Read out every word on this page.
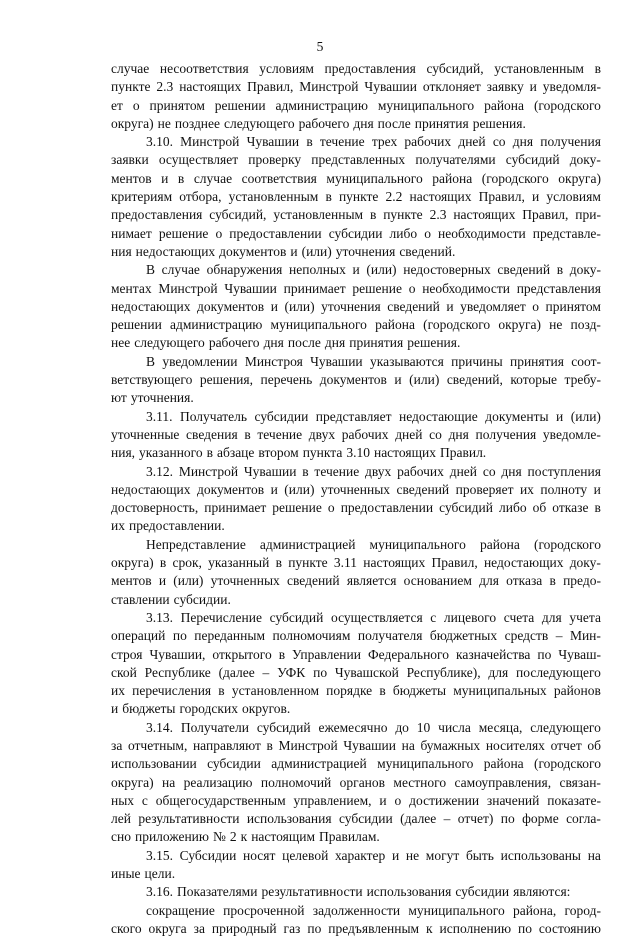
5
случае несоответствия условиям предоставления субсидий, установленным в
пункте 2.3 настоящих Правил, Минстрой Чувашии отклоняет заявку и уведомля-
ет о принятом решении администрацию муниципального района (городского
округа) не позднее следующего рабочего дня после принятия решения.
3.10. Минстрой Чувашии в течение трех рабочих дней со дня получения
заявки осуществляет проверку представленных получателями субсидий доку-
ментов и в случае соответствия муниципального района (городского округа)
критериям отбора, установленным в пункте 2.2 настоящих Правил, и условиям
предоставления субсидий, установленным в пункте 2.3 настоящих Правил, при-
нимает решение о предоставлении субсидии либо о необходимости представле-
ния недостающих документов и (или) уточнения сведений.
В случае обнаружения неполных и (или) недостоверных сведений в доку-
ментах Минстрой Чувашии принимает решение о необходимости представления
недостающих документов и (или) уточнения сведений и уведомляет о принятом
решении администрацию муниципального района (городского округа) не позд-
нее следующего рабочего дня после дня принятия решения.
В уведомлении Минстроя Чувашии указываются причины принятия соот-
ветствующего решения, перечень документов и (или) сведений, которые требу-
ют уточнения.
3.11. Получатель субсидии представляет недостающие документы и (или)
уточненные сведения в течение двух рабочих дней со дня получения уведомле-
ния, указанного в абзаце втором пункта 3.10 настоящих Правил.
3.12. Минстрой Чувашии в течение двух рабочих дней со дня поступления
недостающих документов и (или) уточненных сведений проверяет их полноту и
достоверность, принимает решение о предоставлении субсидий либо об отказе в
их предоставлении.
Непредставление администрацией муниципального района (городского
округа) в срок, указанный в пункте 3.11 настоящих Правил, недостающих доку-
ментов и (или) уточненных сведений является основанием для отказа в предо-
ставлении субсидии.
3.13. Перечисление субсидий осуществляется с лицевого счета для учета
операций по переданным полномочиям получателя бюджетных средств – Мин-
строя Чувашии, открытого в Управлении Федерального казначейства по Чуваш-
ской Республике (далее – УФК по Чувашской Республике), для последующего
их перечисления в установленном порядке в бюджеты муниципальных районов
и бюджеты городских округов.
3.14. Получатели субсидий ежемесячно до 10 числа месяца, следующего
за отчетным, направляют в Минстрой Чувашии на бумажных носителях отчет об
использовании субсидии администрацией муниципального района (городского
округа) на реализацию полномочий органов местного самоуправления, связан-
ных с общегосударственным управлением, и о достижении значений показате-
лей результативности использования субсидии (далее – отчет) по форме согла-
сно приложению № 2 к настоящим Правилам.
3.15. Субсидии носят целевой характер и не могут быть использованы на
иные цели.
3.16. Показателями результативности использования субсидии являются:
сокращение просроченной задолженности муниципального района, город-
ского округа за природный газ по предъявленным к исполнению по состоянию
